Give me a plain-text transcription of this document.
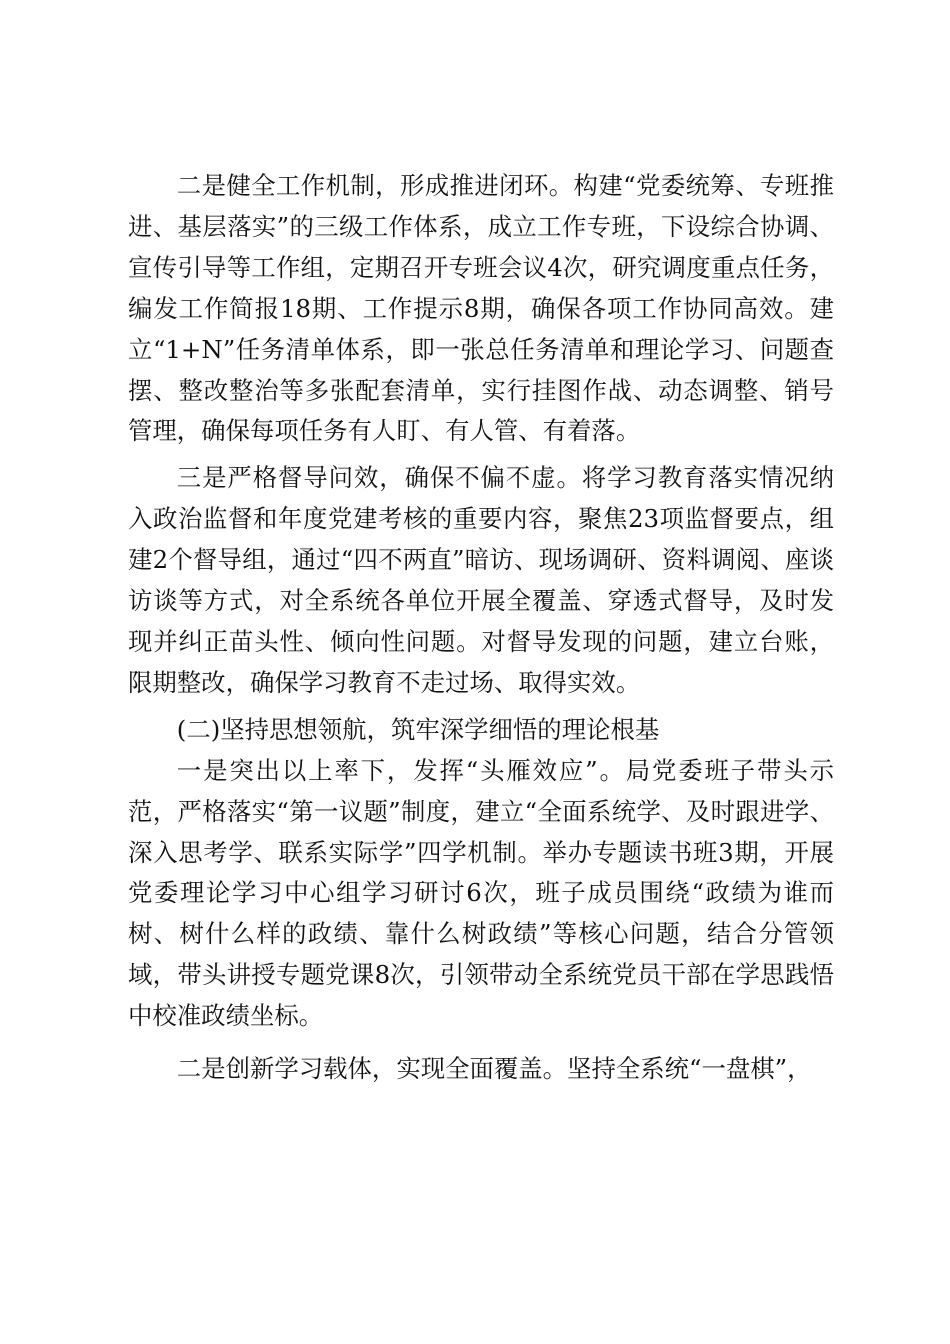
二是健全工作机制，形成推进闭环。构建“党委统筹、专班推进、基层落实”的三级工作体系，成立工作专班，下设综合协调、宣传引导等工作组，定期召开专班会议4次，研究调度重点任务，编发工作简报18期、工作提示8期，确保各项工作协同高效。建立“1+N”任务清单体系，即一张总任务清单和理论学习、问题查摆、整改整治等多张配套清单，实行挂图作战、动态调整、销号管理，确保每项任务有人盯、有人管、有着落。

三是严格督导问效，确保不偏不虚。将学习教育落实情况纳入政治监督和年度党建考核的重要内容，聚焦23项监督要点，组建2个督导组，通过“四不两直”暗访、现场调研、资料调阅、座谈访谈等方式，对全系统各单位开展全覆盖、穿透式督导，及时发现并纠正苗头性、倾向性问题。对督导发现的问题，建立台账，限期整改，确保学习教育不走过场、取得实效。

(二)坚持思想领航，筑牢深学细悟的理论根基

一是突出以上率下，发挥“头雁效应”。局党委班子带头示范，严格落实“第一议题”制度，建立“全面系统学、及时跟进学、深入思考学、联系实际学”四学机制。举办专题读书班3期，开展党委理论学习中心组学习研讨6次，班子成员围绕“政绩为谁而树、树什么样的政绩、靠什么树政绩”等核心问题，结合分管领域，带头讲授专题党课8次，引领带动全系统党员干部在学思践悟中校准政绩坐标。

二是创新学习载体，实现全面覆盖。坚持全系统“一盘棋”，
